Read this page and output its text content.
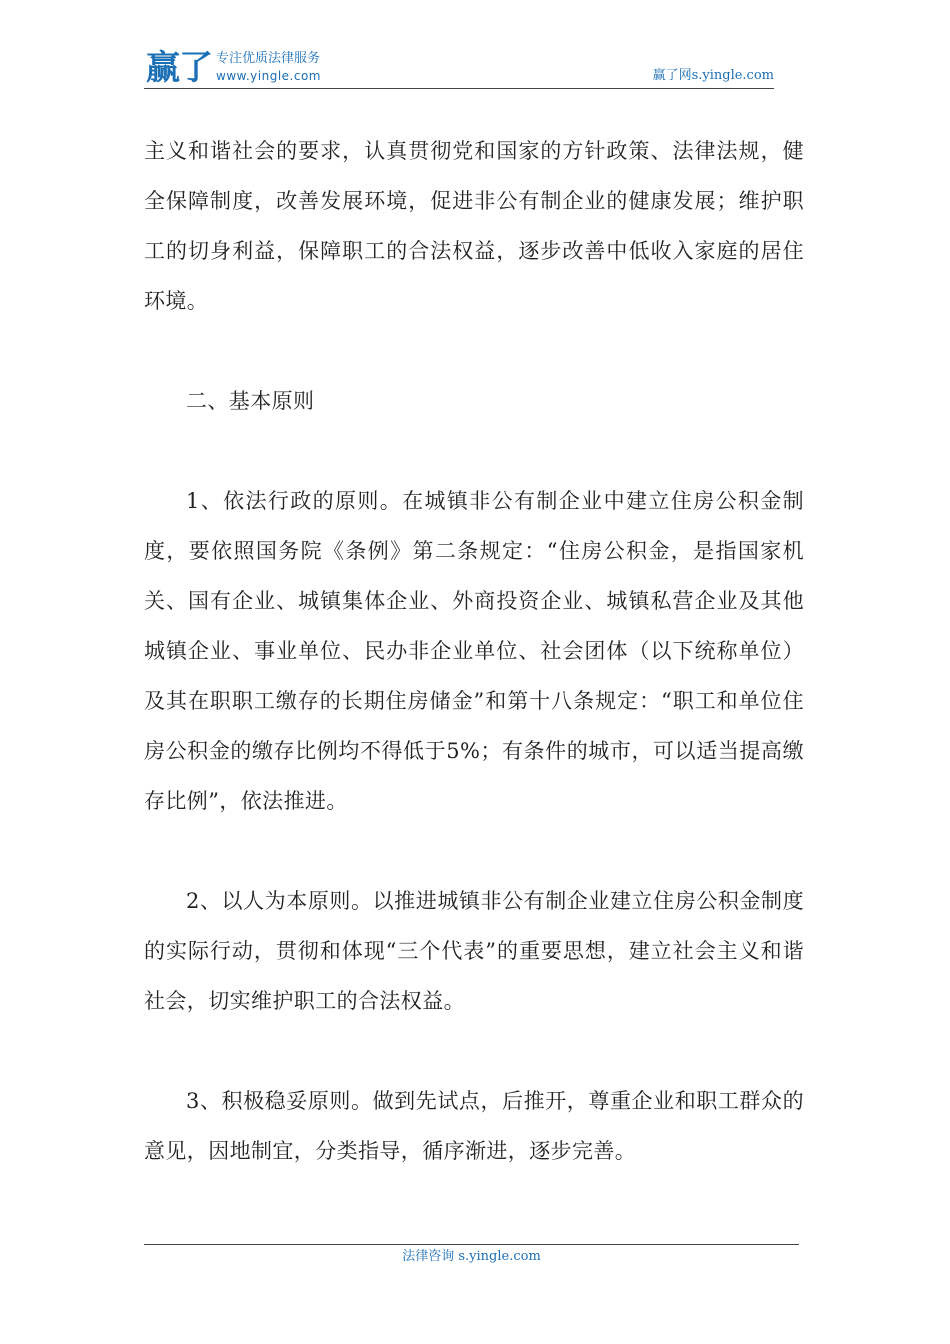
赢了 专注优质法律服务
www.yingle.com	赢了网s.yingle.com

主义和谐社会的要求，认真贯彻党和国家的方针政策、法律法规，健全保障制度，改善发展环境，促进非公有制企业的健康发展；维护职工的切身利益，保障职工的合法权益，逐步改善中低收入家庭的居住环境。

二、基本原则

1、依法行政的原则。在城镇非公有制企业中建立住房公积金制度，要依照国务院《条例》第二条规定：“住房公积金，是指国家机关、国有企业、城镇集体企业、外商投资企业、城镇私营企业及其他城镇企业、事业单位、民办非企业单位、社会团体（以下统称单位）及其在职职工缴存的长期住房储金”和第十八条规定：“职工和单位住房公积金的缴存比例均不得低于5%；有条件的城市，可以适当提高缴存比例”，依法推进。

2、以人为本原则。以推进城镇非公有制企业建立住房公积金制度的实际行动，贯彻和体现“三个代表”的重要思想，建立社会主义和谐社会，切实维护职工的合法权益。

3、积极稳妥原则。做到先试点，后推开，尊重企业和职工群众的意见，因地制宜，分类指导，循序渐进，逐步完善。

法律咨询 s.yingle.com
